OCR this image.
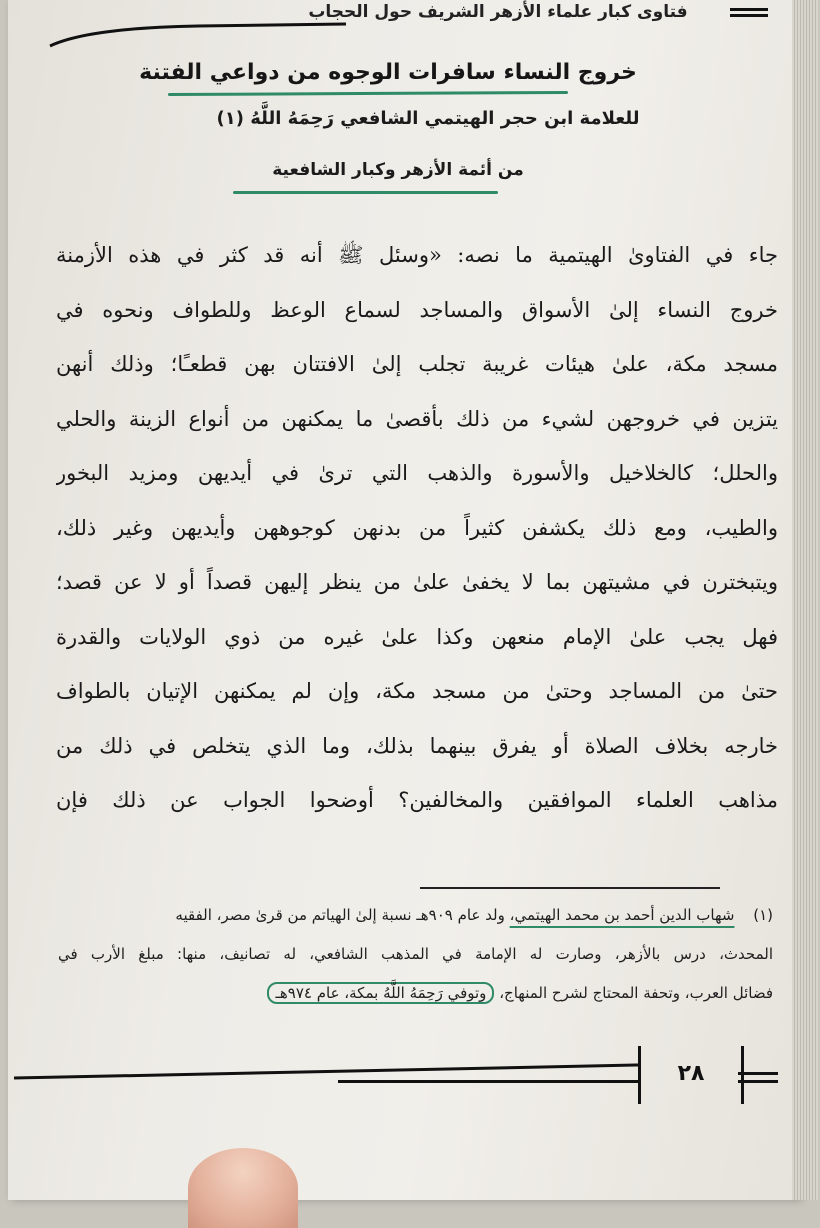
فتاوى كبار علماء الأزهر الشريف حول الحجاب
خروج النساء سافرات الوجوه من دواعي الفتنة
للعلامة ابن حجر الهيتمي الشافعي رَحِمَهُ اللَّهُ (١)
من أئمة الأزهر وكبار الشافعية

جاء في الفتاوىٰ الهيتمية ما نصه: «وسئل ﷺ أنه قد كثر في هذه الأزمنة

خروج النساء إلىٰ الأسواق والمساجد لسماع الوعظ وللطواف ونحوه في

مسجد مكة، علىٰ هيئات غريبة تجلب إلىٰ الافتتان بهن قطعـًا؛ وذلك أنهن

يتزين في خروجهن لشيء من ذلك بأقصىٰ ما يمكنهن من أنواع الزينة والحلي

والحلل؛ كالخلاخيل والأسورة والذهب التي ترىٰ في أيديهن ومزيد البخور

والطيب، ومع ذلك يكشفن كثيراً من بدنهن كوجوههن وأيديهن وغير ذلك،

ويتبخترن في مشيتهن بما لا يخفىٰ علىٰ من ينظر إليهن قصداً أو لا عن قصد؛

فهل يجب علىٰ الإمام منعهن وكذا علىٰ غيره من ذوي الولايات والقدرة

حتىٰ من المساجد وحتىٰ من مسجد مكة، وإن لم يمكنهن الإتيان بالطواف

خارجه بخلاف الصلاة أو يفرق بينهما بذلك، وما الذي يتخلص في ذلك من

مذاهب العلماء الموافقين والمخالفين؟ أوضحوا الجواب عن ذلك فإن

(١) شهاب الدين أحمد بن محمد الهيتمي، ولد عام ٩٠٩هـ نسبة إلىٰ الهياتم من قرىٰ مصر، الفقيه

المحدث، درس بالأزهر، وصارت له الإمامة في المذهب الشافعي، له تصانيف، منها: مبلغ الأرب في

فضائل العرب، وتحفة المحتاج لشرح المنهاج، وتوفي رَحِمَهُ اللَّهُ بمكة، عام ٩٧٤هـ

٢٨
